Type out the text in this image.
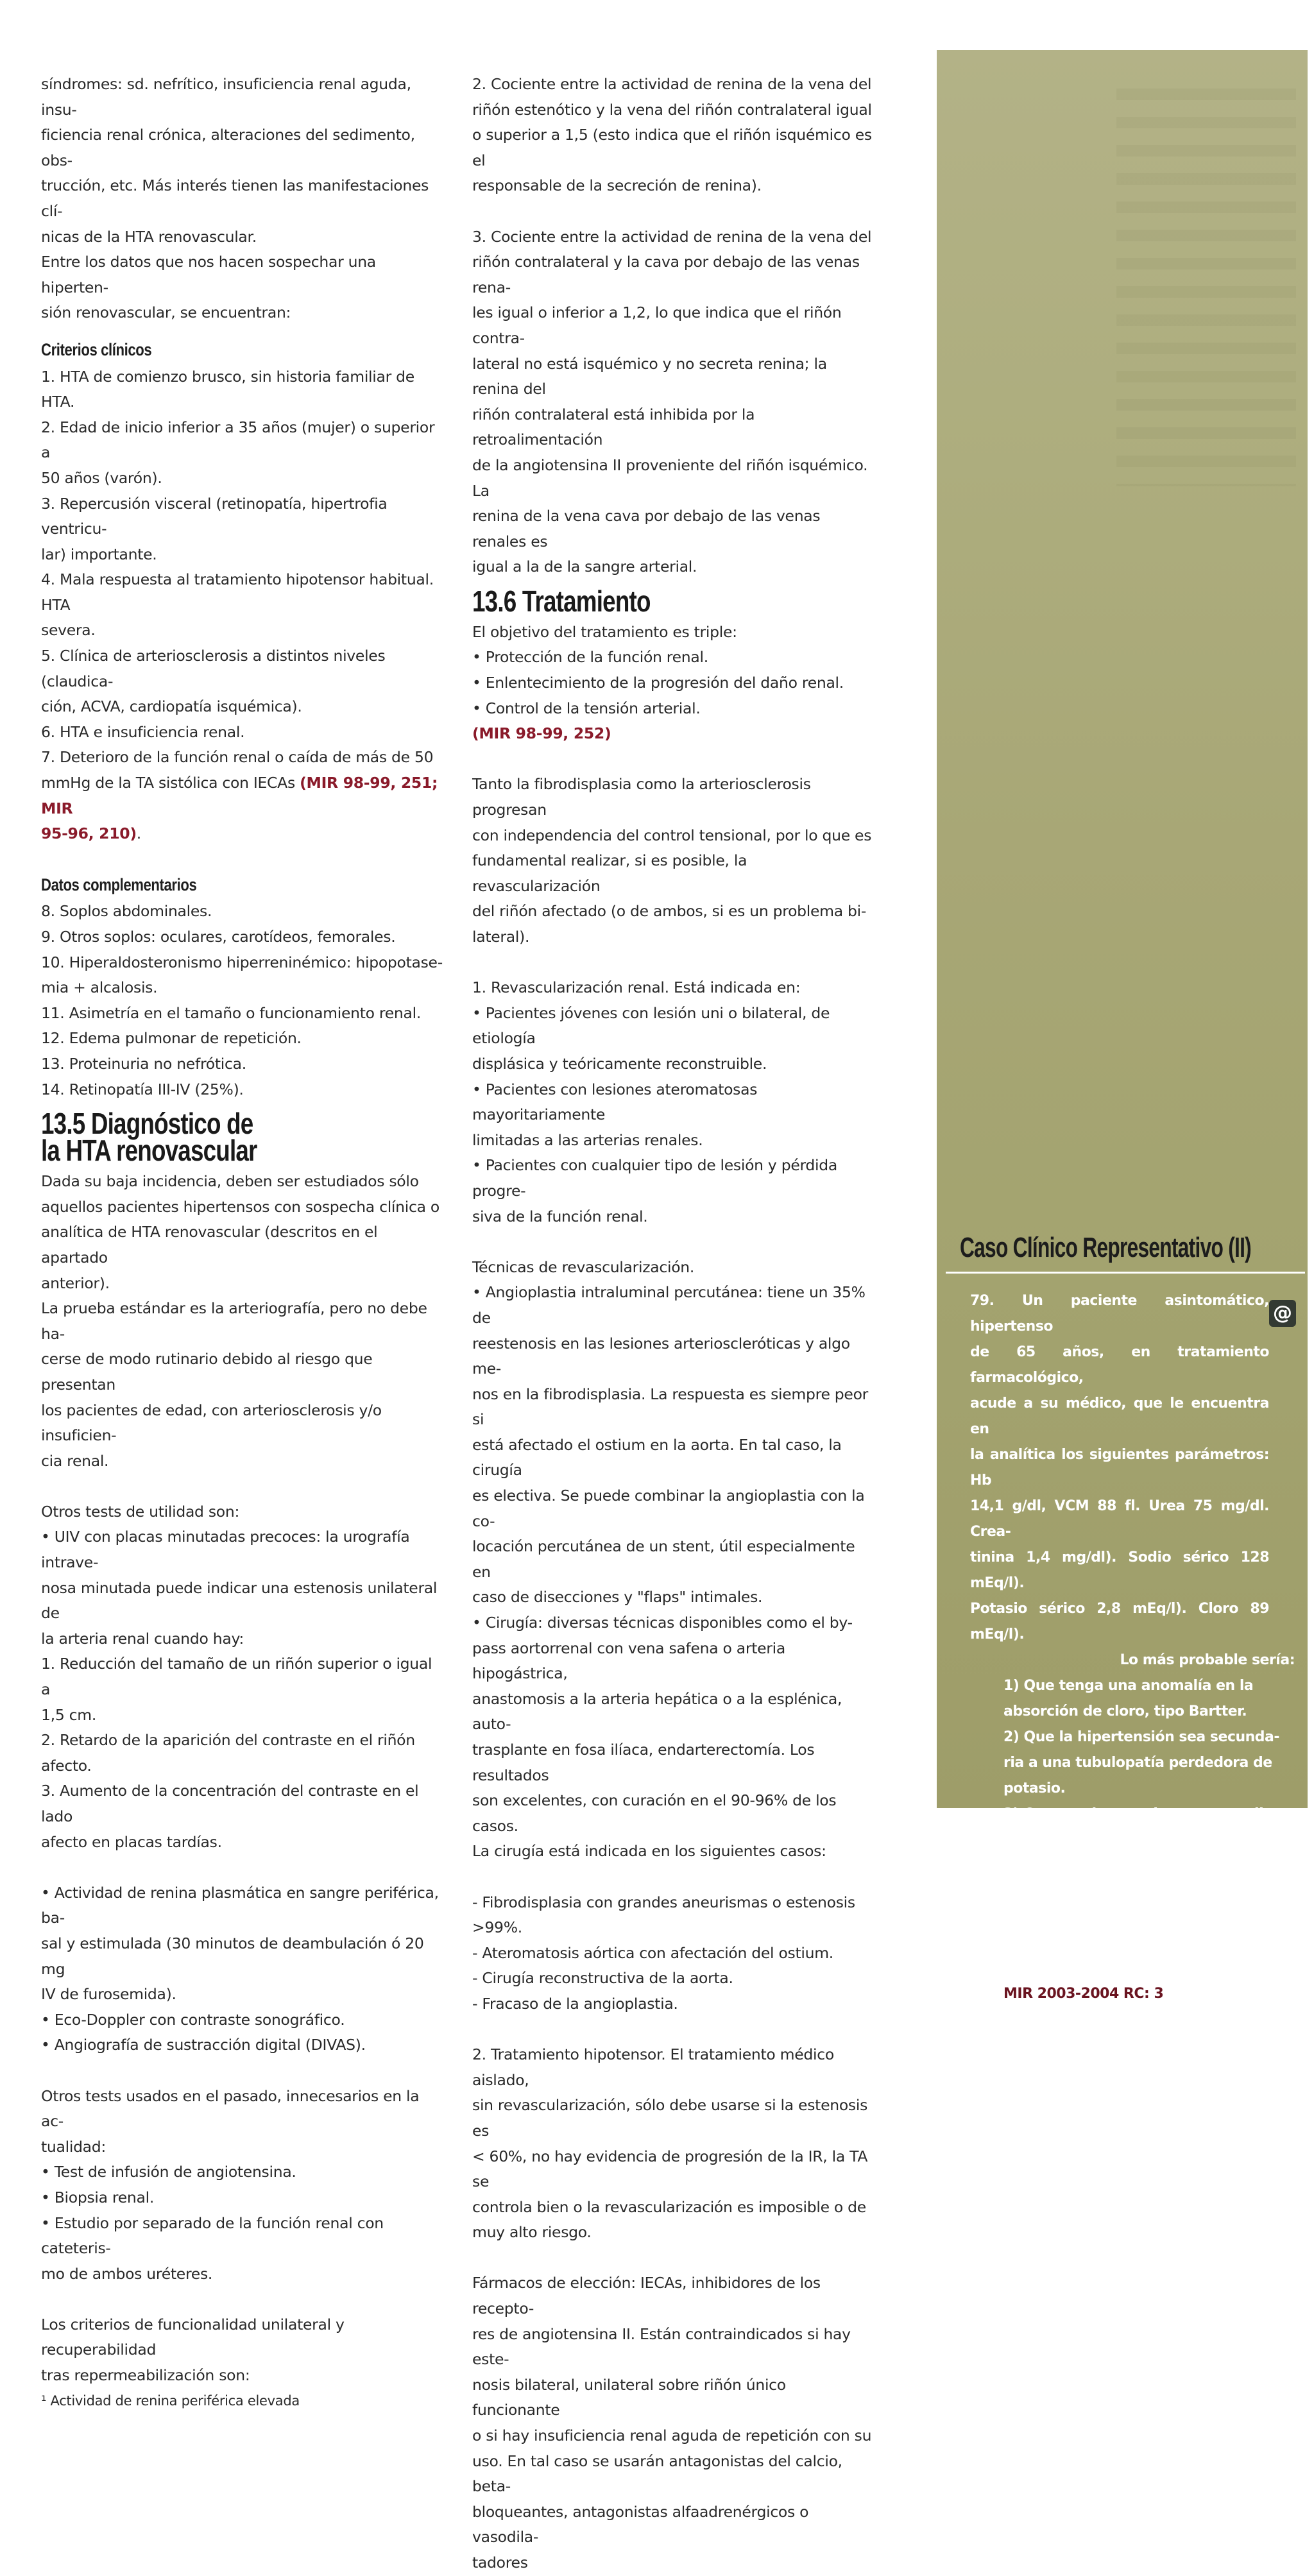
síndromes: sd. nefrítico, insuficiencia renal aguda, insu-

ficiencia renal crónica, alteraciones del sedimento, obs-

trucción, etc. Más interés tienen las manifestaciones clí-

nicas de la HTA renovascular.

Entre los datos que nos hacen sospechar una hiperten-

sión renovascular, se encuentran:

Criterios clínicos

1. HTA de comienzo brusco, sin historia familiar de HTA.

2. Edad de inicio inferior a 35 años (mujer) o superior a

50 años (varón).

3. Repercusión visceral (retinopatía, hipertrofia ventricu-

lar) importante.

4. Mala respuesta al tratamiento hipotensor habitual. HTA

severa.

5. Clínica de arteriosclerosis a distintos niveles (claudica-

ción, ACVA, cardiopatía isquémica).

6. HTA e insuficiencia renal.

7. Deterioro de la función renal o caída de más de 50

mmHg de la TA sistólica con IECAs (MIR 98-99, 251; MIR

95-96, 210).

Datos complementarios

8. Soplos abdominales.

9. Otros soplos: oculares, carotídeos, femorales.

10. Hiperaldosteronismo hiperreninémico: hipopotase-

mia + alcalosis.

11. Asimetría en el tamaño o funcionamiento renal.

12. Edema pulmonar de repetición.

13. Proteinuria no nefrótica.

14. Retinopatía III-IV (25%).

13.5 Diagnóstico de
la HTA renovascular

Dada su baja incidencia, deben ser estudiados sólo

aquellos pacientes hipertensos con sospecha clínica o

analítica de HTA renovascular (descritos en el apartado

anterior).

La prueba estándar es la arteriografía, pero no debe ha-

cerse de modo rutinario debido al riesgo que presentan

los pacientes de edad, con arteriosclerosis y/o insuficien-

cia renal.

Otros tests de utilidad son:

• UIV con placas minutadas precoces: la urografía intrave-

nosa minutada puede indicar una estenosis unilateral de

la arteria renal cuando hay:

1. Reducción del tamaño de un riñón superior o igual a

1,5 cm.

2. Retardo de la aparición del contraste en el riñón afecto.

3. Aumento de la concentración del contraste en el lado

afecto en placas tardías.

• Actividad de renina plasmática en sangre periférica, ba-

sal y estimulada (30 minutos de deambulación ó 20 mg

IV de furosemida).

• Eco-Doppler con contraste sonográfico.

• Angiografía de sustracción digital (DIVAS).

Otros tests usados en el pasado, innecesarios en la ac-

tualidad:

• Test de infusión de angiotensina.

• Biopsia renal.

• Estudio por separado de la función renal con cateteris-

mo de ambos uréteres.

Los criterios de funcionalidad unilateral y recuperabilidad

tras repermeabilización son:

¹ Actividad de renina periférica elevada

2. Cociente entre la actividad de renina de la vena del

riñón estenótico y la vena del riñón contralateral igual

o superior a 1,5 (esto indica que el riñón isquémico es el

responsable de la secreción de renina).

3. Cociente entre la actividad de renina de la vena del

riñón contralateral y la cava por debajo de las venas rena-

les igual o inferior a 1,2, lo que indica que el riñón contra-

lateral no está isquémico y no secreta renina; la renina del

riñón contralateral está inhibida por la retroalimentación

de la angiotensina II proveniente del riñón isquémico. La

renina de la vena cava por debajo de las venas renales es

igual a la de la sangre arterial.

13.6 Tratamiento

El objetivo del tratamiento es triple:

• Protección de la función renal.

• Enlentecimiento de la progresión del daño renal.

• Control de la tensión arterial.

(MIR 98-99, 252)

Tanto la fibrodisplasia como la arteriosclerosis progresan

con independencia del control tensional, por lo que es

fundamental realizar, si es posible, la revascularización

del riñón afectado (o de ambos, si es un problema bi-

lateral).

1. Revascularización renal. Está indicada en:

• Pacientes jóvenes con lesión uni o bilateral, de etiología

displásica y teóricamente reconstruible.

• Pacientes con lesiones ateromatosas mayoritariamente

limitadas a las arterias renales.

• Pacientes con cualquier tipo de lesión y pérdida progre-

siva de la función renal.

Técnicas de revascularización.

• Angioplastia intraluminal percutánea: tiene un 35% de

reestenosis en las lesiones arterioscleróticas y algo me-

nos en la fibrodisplasia. La respuesta es siempre peor si

está afectado el ostium en la aorta. En tal caso, la cirugía

es electiva. Se puede combinar la angioplastia con la co-

locación percutánea de un stent, útil especialmente en

caso de disecciones y "flaps" intimales.

• Cirugía: diversas técnicas disponibles como el by-

pass aortorrenal con vena safena o arteria hipogástrica,

anastomosis a la arteria hepática o a la esplénica, auto-

trasplante en fosa ilíaca, endarterectomía. Los resultados

son excelentes, con curación en el 90-96% de los casos.

La cirugía está indicada en los siguientes casos:

- Fibrodisplasia con grandes aneurismas o estenosis

>99%.

- Ateromatosis aórtica con afectación del ostium.

- Cirugía reconstructiva de la aorta.

- Fracaso de la angioplastia.

2. Tratamiento hipotensor. El tratamiento médico aislado,

sin revascularización, sólo debe usarse si la estenosis es

< 60%, no hay evidencia de progresión de la IR, la TA se

controla bien o la revascularización es imposible o de

muy alto riesgo.

Fármacos de elección: IECAs, inhibidores de los recepto-

res de angiotensina II. Están contraindicados si hay este-

nosis bilateral, unilateral sobre riñón único funcionante

o si hay insuficiencia renal aguda de repetición con su

uso. En tal caso se usarán antagonistas del calcio, beta-

bloqueantes, antagonistas alfaadrenérgicos o vasodila-

tadores

Caso Clínico Representativo (II)
@

79. Un paciente asintomático, hipertenso

de 65 años, en tratamiento farmacológico,

acude a su médico, que le encuentra en

la analítica los siguientes parámetros: Hb

14,1 g/dl, VCM 88 fl. Urea 75 mg/dl. Crea-

tinina 1,4 mg/dl). Sodio sérico 128 mEq/l).

Potasio sérico 2,8 mEq/l). Cloro 89 mEq/l).

Lo más probable sería:

1) Que tenga una anomalía en la

absorción de cloro, tipo Bartter.

2) Que la hipertensión sea secunda-

ria a una tubulopatía perdedora de

potasio.

3) Que en el tratamiento que reciba

exista un diurético de asa.

4) Que en el tratamiento se incluya un

inhibidor de la enzima convertidora

de la angiotensina.

5) Que no tome fruta en la dieta.

MIR 2003-2004 RC: 3
